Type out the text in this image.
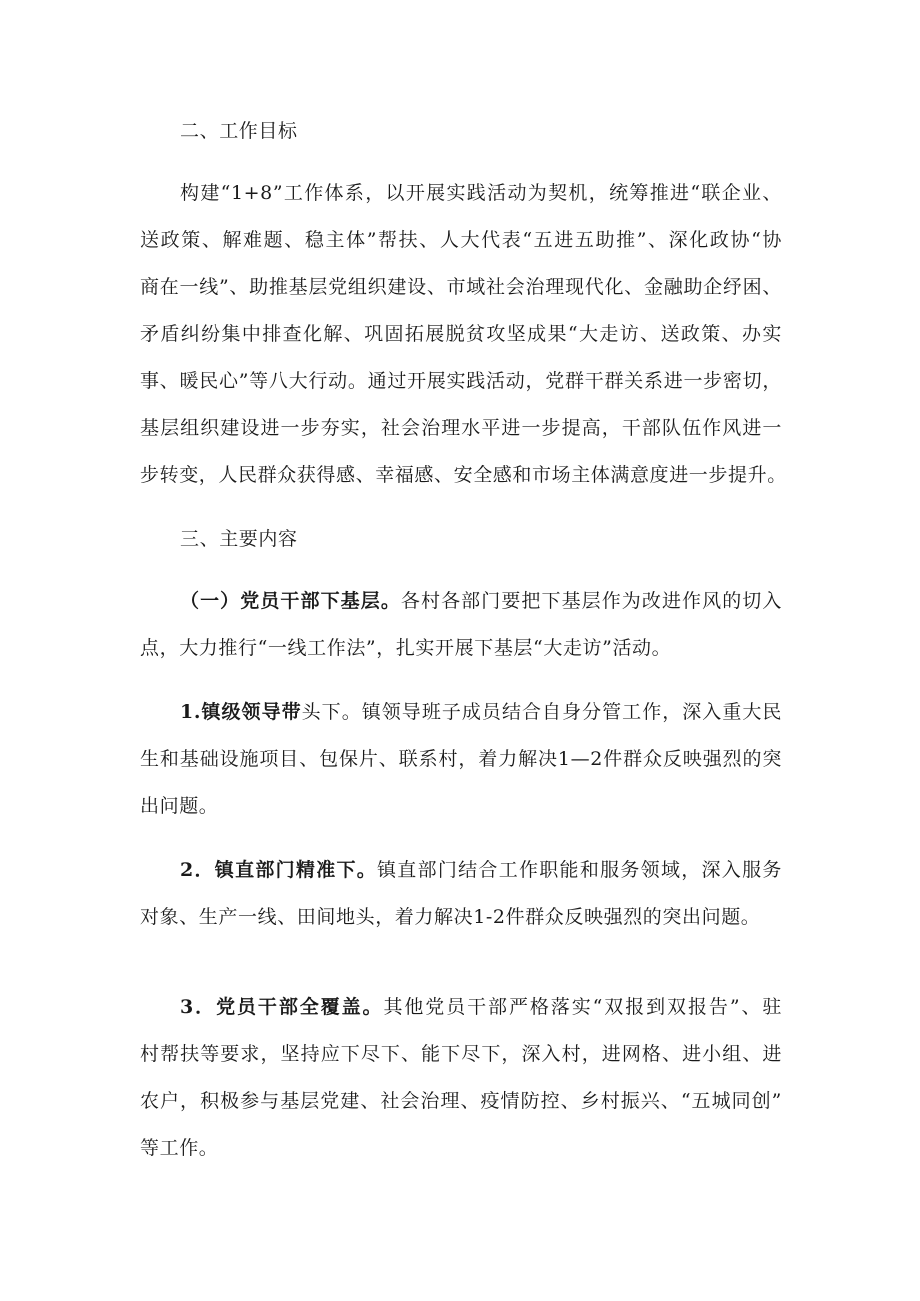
二、工作目标
构建“1+8”工作体系，以开展实践活动为契机，统筹推进“联企业、
送政策、解难题、稳主体”帮扶、人大代表“五进五助推”、深化政协“协
商在一线”、助推基层党组织建设、市域社会治理现代化、金融助企纾困、
矛盾纠纷集中排查化解、巩固拓展脱贫攻坚成果“大走访、送政策、办实
事、暖民心”等八大行动。通过开展实践活动，党群干群关系进一步密切，
基层组织建设进一步夯实，社会治理水平进一步提高，干部队伍作风进一
步转变，人民群众获得感、幸福感、安全感和市场主体满意度进一步提升。
三、主要内容
（一）党员干部下基层。各村各部门要把下基层作为改进作风的切入
点，大力推行“一线工作法”，扎实开展下基层“大走访”活动。
1.镇级领导带头下。镇领导班子成员结合自身分管工作，深入重大民
生和基础设施项目、包保片、联系村，着力解决1—2件群众反映强烈的突
出问题。
2．镇直部门精准下。镇直部门结合工作职能和服务领域，深入服务
对象、生产一线、田间地头，着力解决1-2件群众反映强烈的突出问题。
3．党员干部全覆盖。其他党员干部严格落实“双报到双报告”、驻
村帮扶等要求，坚持应下尽下、能下尽下，深入村，进网格、进小组、进
农户，积极参与基层党建、社会治理、疫情防控、乡村振兴、“五城同创”
等工作。
